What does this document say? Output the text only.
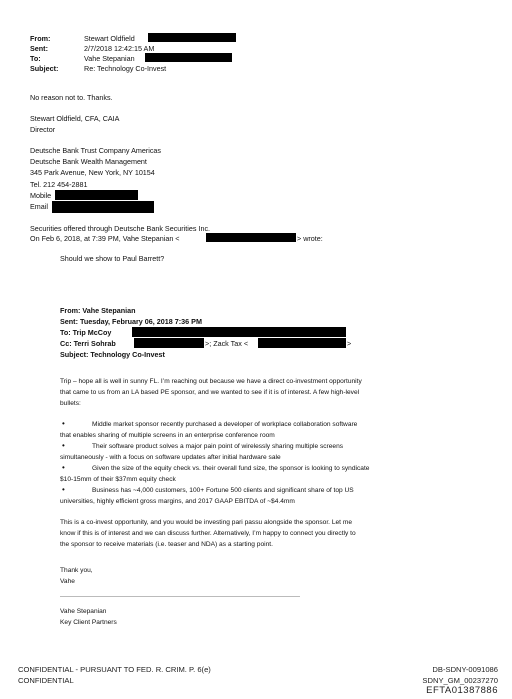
From:	Stewart Oldfield
Sent:	2/7/2018 12:42:15 AM
To:	Vahe Stepanian
Subject:	Re: Technology Co-Invest
No reason not to. Thanks.
Stewart Oldfield, CFA, CAIA
Director
Deutsche Bank Trust Company Americas
Deutsche Bank Wealth Management
345 Park Avenue, New York, NY 10154
Tel. 212 454-2881
Mobile
Email
Securities offered through Deutsche Bank Securities Inc.
On Feb 6, 2018, at 7:39 PM, Vahe Stepanian <	> wrote:
Should we show to Paul Barrett?
From: Vahe Stepanian
Sent: Tuesday, February 06, 2018 7:36 PM
To: Trip McCoy
Cc: Terri Sohrab	>; Zack Tax <	>
Subject: Technology Co-Invest
Trip – hope all is well in sunny FL. I’m reaching out because we have a direct co-investment opportunity
that came to us from an LA based PE sponsor, and we wanted to see if it is of interest. A few high-level
bullets:
•	Middle market sponsor recently purchased a developer of workplace collaboration software
that enables sharing of multiple screens in an enterprise conference room
•	Their software product solves a major pain point of wirelessly sharing multiple screens
simultaneously - with a focus on software updates after initial hardware sale
•	Given the size of the equity check vs. their overall fund size, the sponsor is looking to syndicate
$10-15mm of their $37mm equity check
•	Business has ~4,000 customers, 100+ Fortune 500 clients and significant share of top US
universities, highly efficient gross margins, and 2017 GAAP EBITDA of ~$4.4mm
This is a co-invest opportunity, and you would be investing pari passu alongside the sponsor. Let me
know if this is of interest and we can discuss further. Alternatively, I’m happy to connect you directly to
the sponsor to receive materials (i.e. teaser and NDA) as a starting point.
Thank you,
Vahe
Vahe Stepanian
Key Client Partners
CONFIDENTIAL - PURSUANT TO FED. R. CRIM. P. 6(e)
CONFIDENTIAL
DB-SDNY-0091086
SDNY_GM_00237270
EFTA01387886
